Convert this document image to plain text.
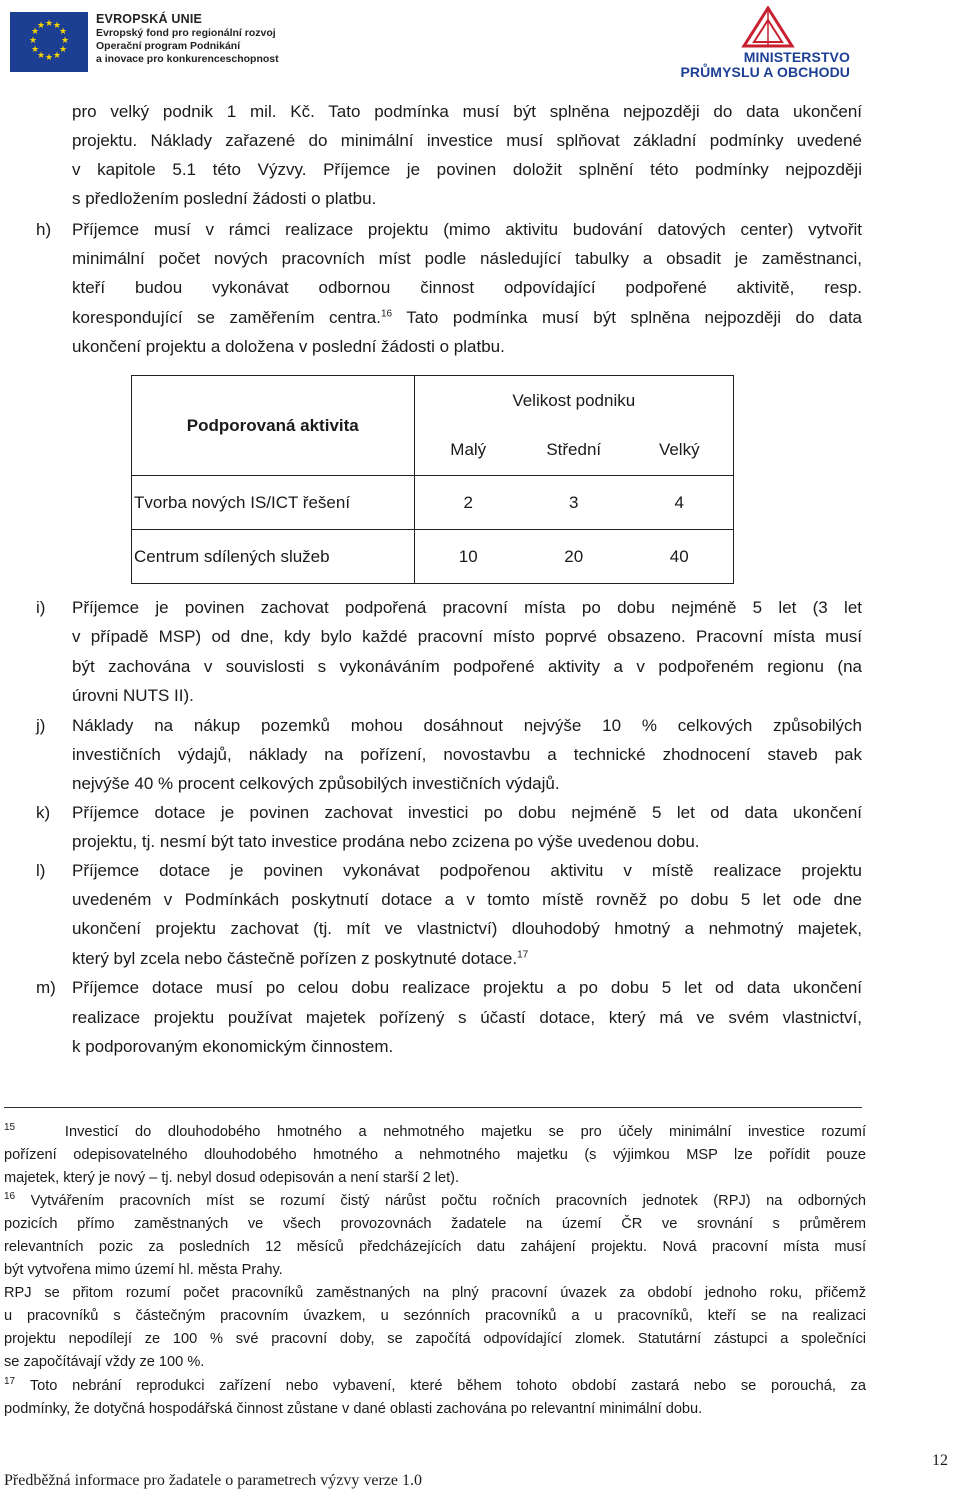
★ ★
★
★
★
★
★
★
★
★
★
★	EVROPSKÁ UNIE
Evropský fond pro regionální rozvoj
Operační program Podnikání
a inovace pro konkurenceschopnost	MINISTERSTVO
PRŮMYSLU A OBCHODU
pro velký podnik 1 mil. Kč. Tato podmínka musí být splněna nejpozději do data ukončení
projektu. Náklady zařazené do minimální investice musí splňovat základní podmínky uvedené
v kapitole 5.1 této Výzvy. Příjemce je povinen doložit splnění této podmínky nejpozději
s předložením poslední žádosti o platbu.
h) Příjemce musí v rámci realizace projektu (mimo aktivitu budování datových center) vytvořit
minimální počet nových pracovních míst podle následující tabulky a obsadit je zaměstnanci,
kteří budou vykonávat odbornou činnost odpovídající podpořené aktivitě, resp.
korespondující se zaměřením centra.$^{16}$ Tato podmínka musí být splněna nejpozději do data
ukončení projektu a doložena v poslední žádosti o platbu.
Podporovaná aktivita	Velikost podniku		
	Malý	Střední	Velký
Tvorba nových IS/ICT řešení	2	3	4
Centrum sdílených služeb	10	20	40
i) Příjemce je povinen zachovat podpořená pracovní místa po dobu nejméně 5 let (3 let
v případě MSP) od dne, kdy bylo každé pracovní místo poprvé obsazeno. Pracovní místa musí
být zachována v souvislosti s vykonáváním podpořené aktivity a v podpořeném regionu (na
úrovni NUTS II).
j) Náklady na nákup pozemků mohou dosáhnout nejvýše 10 % celkových způsobilých
investičních výdajů, náklady na pořízení, novostavbu a technické zhodnocení staveb pak
nejvýše 40 % procent celkových způsobilých investičních výdajů.
k) Příjemce dotace je povinen zachovat investici po dobu nejméně 5 let od data ukončení
projektu, tj. nesmí být tato investice prodána nebo zcizena po výše uvedenou dobu.
l) Příjemce dotace je povinen vykonávat podpořenou aktivitu v místě realizace projektu
uvedeném v Podmínkách poskytnutí dotace a v tomto místě rovněž po dobu 5 let ode dne
ukončení projektu zachovat (tj. mít ve vlastnictví) dlouhodobý hmotný a nehmotný majetek,
který byl zcela nebo částečně pořízen z poskytnuté dotace.$^{17}$
m) Příjemce dotace musí po celou dobu realizace projektu a po dobu 5 let od data ukončení
realizace projektu používat majetek pořízený s účastí dotace, který má ve svém vlastnictví,
k podporovaným ekonomickým činnostem.
$^{15}$	Investicí do dlouhodobého hmotného a nehmotného majetku se pro účely minimální investice rozumí
pořízení odepisovatelného dlouhodobého hmotného a nehmotného majetku (s výjimkou MSP lze pořídit pouze
majetek, který je nový – tj. nebyl dosud odepisován a není starší 2 let).
$^{16}$ Vytvářením pracovních míst se rozumí čistý nárůst počtu ročních pracovních jednotek (RPJ) na odborných
pozicích přímo zaměstnaných ve všech provozovnách žadatele na území ČR ve srovnání s průměrem
relevantních pozic za posledních 12 měsíců předcházejících datu zahájení projektu. Nová pracovní místa musí
být vytvořena mimo území hl. města Prahy.
RPJ se přitom rozumí počet pracovníků zaměstnaných na plný pracovní úvazek za období jednoho roku, přičemž
u pracovníků s částečným pracovním úvazkem, u sezónních pracovníků a u pracovníků, kteří se na realizaci
projektu nepodílejí ze 100 % své pracovní doby, se započítá odpovídající zlomek. Statutární zástupci a společníci
se započítávají vždy ze 100 %.
$^{17}$ Toto nebrání reprodukci zařízení nebo vybavení, které během tohoto období zastará nebo se porouchá, za
podmínky, že dotyčná hospodářská činnost zůstane v dané oblasti zachována po relevantní minimální dobu.
Předběžná informace pro žadatele o parametrech výzvy verze 1.0
12
